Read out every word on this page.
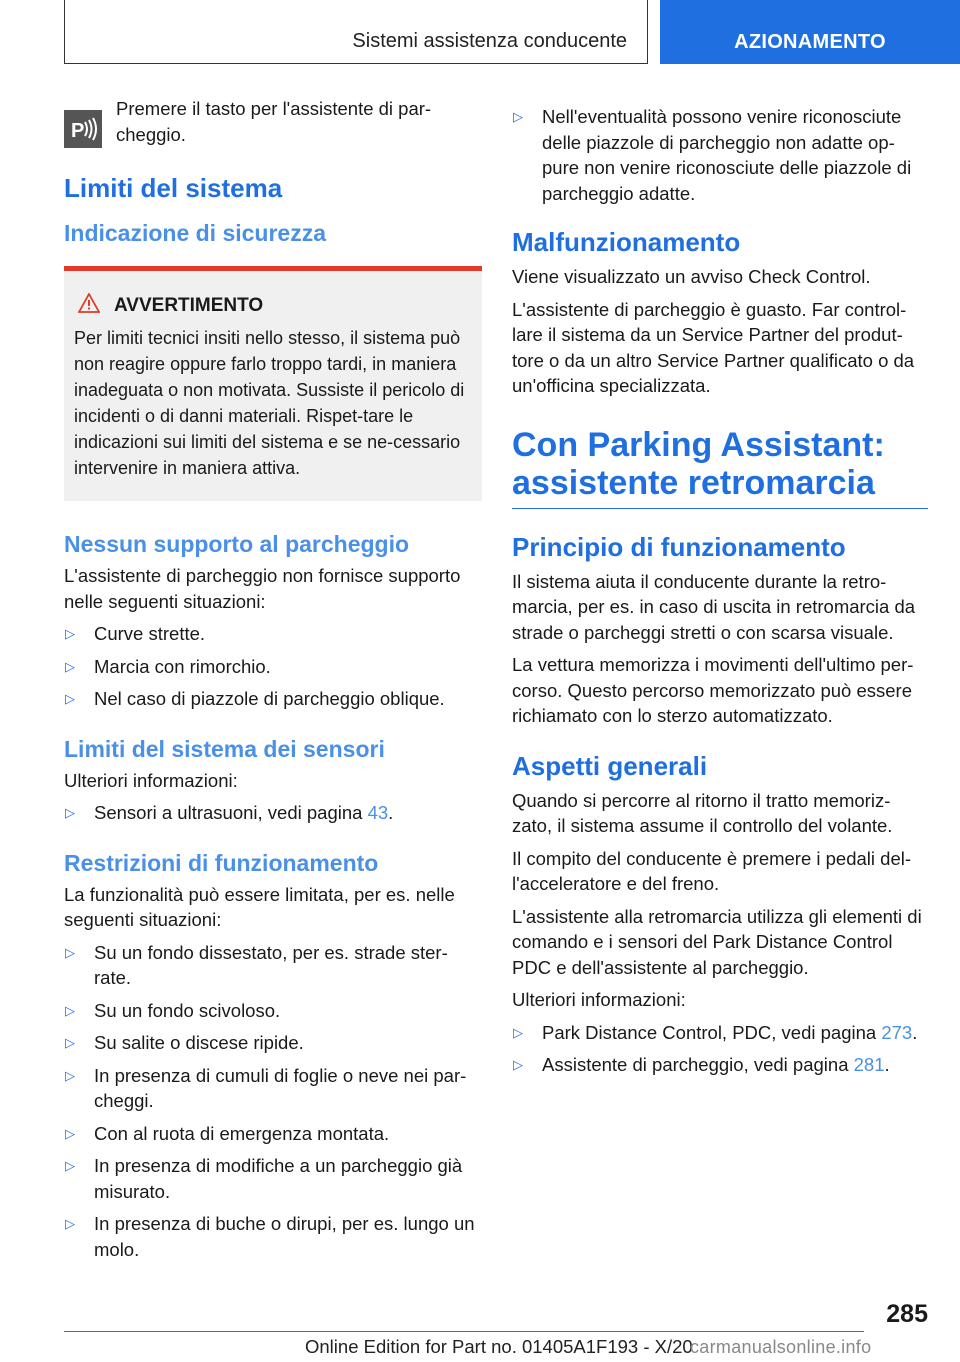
Sistemi assistenza conducente	AZIONAMENTO
P

Premere il tasto per l'assistente di par-cheggio.

Limiti del sistema
Indicazione di sicurezza
AVVERTIMENTO

Per limiti tecnici insiti nello stesso, il sistema può non reagire oppure farlo troppo tardi, in maniera inadeguata o non motivata. Sussiste il pericolo di incidenti o di danni materiali. Rispet-tare le indicazioni sui limiti del sistema e se ne-cessario intervenire in maniera attiva.

Nessun supporto al parcheggio

L'assistente di parcheggio non fornisce supporto nelle seguenti situazioni:

▷	Curve strette.
▷	Marcia con rimorchio.
▷	Nel caso di piazzole di parcheggio oblique.
Limiti del sistema dei sensori

Ulteriori informazioni:

▷	Sensori a ultrasuoni, vedi pagina 43.
Restrizioni di funzionamento

La funzionalità può essere limitata, per es. nelle seguenti situazioni:

▷	Su un fondo dissestato, per es. strade ster-rate.
▷	Su un fondo scivoloso.
▷	Su salite o discese ripide.
▷	In presenza di cumuli di foglie o neve nei par-cheggi.
▷	Con al ruota di emergenza montata.
▷	In presenza di modifiche a un parcheggio già misurato.
▷	In presenza di buche o dirupi, per es. lungo un molo.
▷	Nell'eventualità possono venire riconosciute delle piazzole di parcheggio non adatte op-pure non venire riconosciute delle piazzole di parcheggio adatte.
Malfunzionamento

Viene visualizzato un avviso Check Control.

L'assistente di parcheggio è guasto. Far control-lare il sistema da un Service Partner del produt-tore o da un altro Service Partner qualificato o da un'officina specializzata.

Con Parking Assistant: assistente retromarcia
Principio di funzionamento

Il sistema aiuta il conducente durante la retro-marcia, per es. in caso di uscita in retromarcia da strade o parcheggi stretti o con scarsa visuale.

La vettura memorizza i movimenti dell'ultimo per-corso. Questo percorso memorizzato può essere richiamato con lo sterzo automatizzato.

Aspetti generali

Quando si percorre al ritorno il tratto memoriz-zato, il sistema assume il controllo del volante.

Il compito del conducente è premere i pedali del-l'acceleratore e del freno.

L'assistente alla retromarcia utilizza gli elementi di comando e i sensori del Park Distance Control PDC e dell'assistente al parcheggio.

Ulteriori informazioni:

▷	Park Distance Control, PDC, vedi pagina 273.
▷	Assistente di parcheggio, vedi pagina 281.
285
Online Edition for Part no. 01405A1F193 - X/20
carmanualsonline.info
